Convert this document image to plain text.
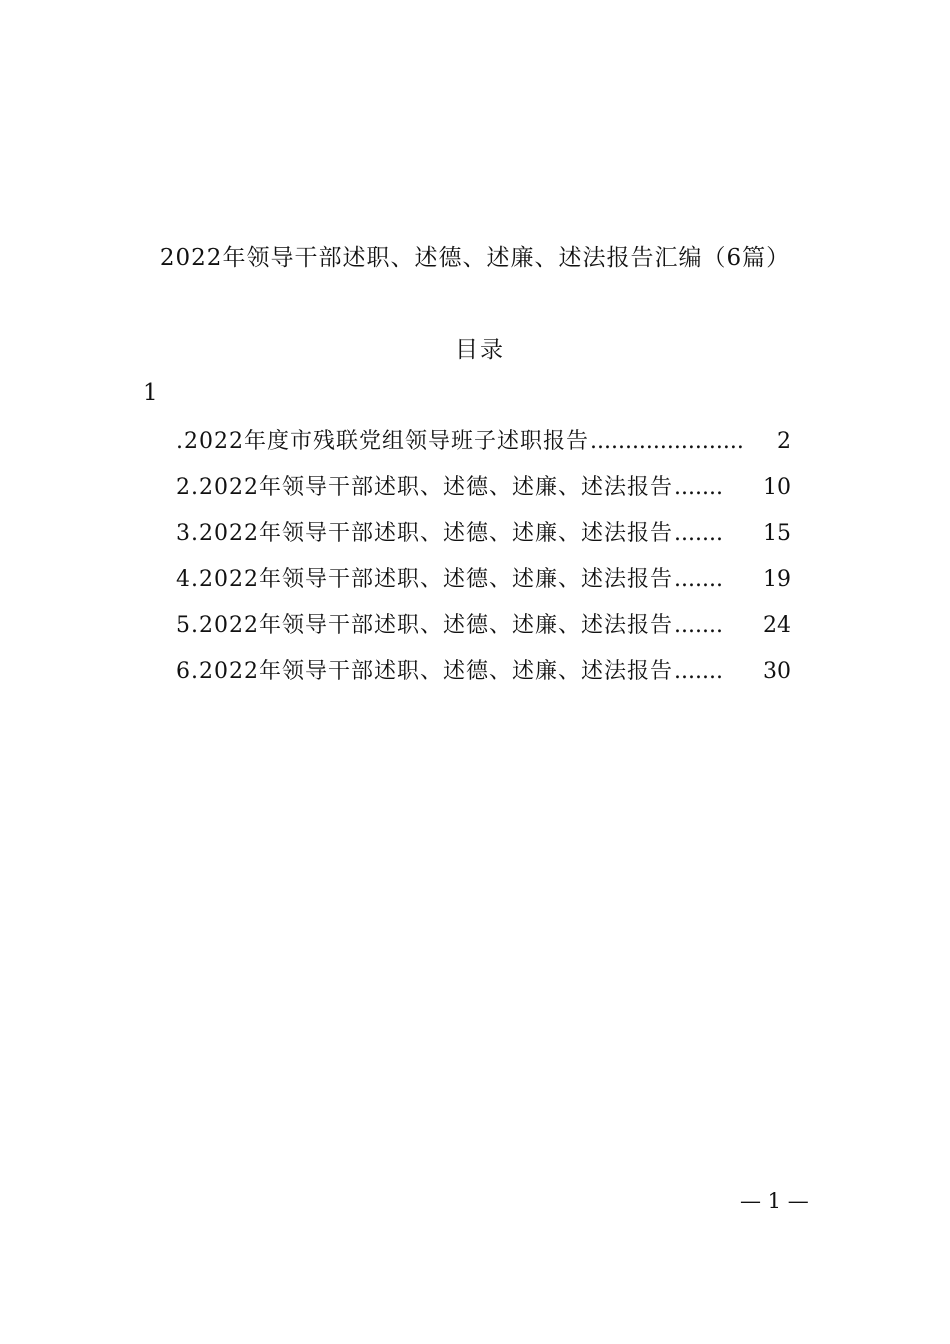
2022年领导干部述职、述德、述廉、述法报告汇编（6篇）
目录
1
.2022年度市残联党组领导班子述职报告 ......................	2
2.2022年领导干部述职、述德、述廉、述法报告 .......	10
3.2022年领导干部述职、述德、述廉、述法报告 .......	15
4.2022年领导干部述职、述德、述廉、述法报告 .......	19
5.2022年领导干部述职、述德、述廉、述法报告 .......	24
6.2022年领导干部述职、述德、述廉、述法报告 .......	30
— 1 —
